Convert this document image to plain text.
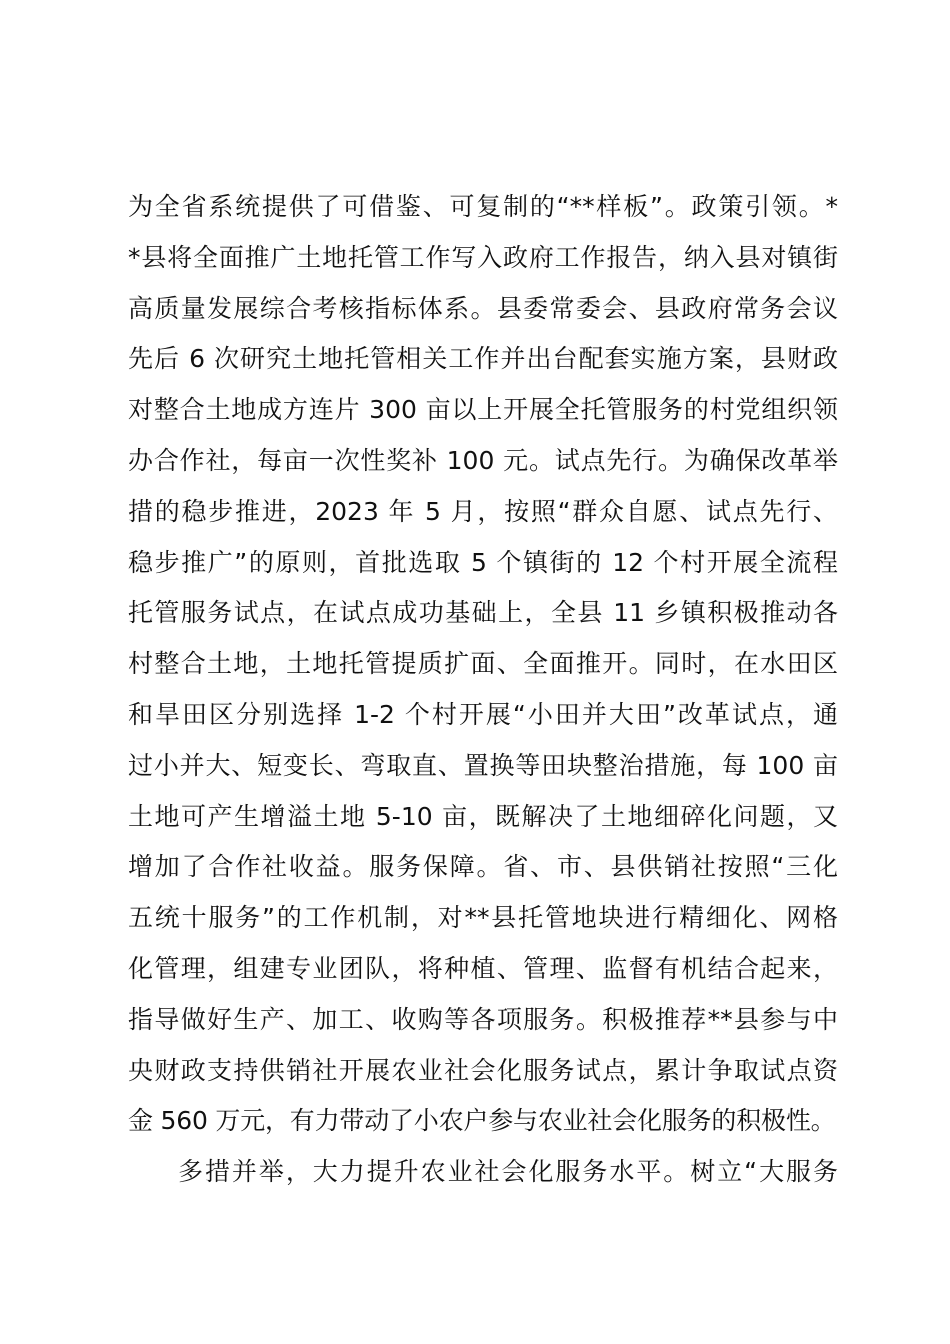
为全省系统提供了可借鉴、可复制的“**样板”。政策引领。*
*县将全面推广土地托管工作写入政府工作报告，纳入县对镇街
高质量发展综合考核指标体系。县委常委会、县政府常务会议
先后 6 次研究土地托管相关工作并出台配套实施方案，县财政
对整合土地成方连片 300 亩以上开展全托管服务的村党组织领
办合作社，每亩一次性奖补 100 元。试点先行。为确保改革举
措的稳步推进，2023 年 5 月，按照“群众自愿、试点先行、
稳步推广”的原则，首批选取 5 个镇街的 12 个村开展全流程
托管服务试点，在试点成功基础上，全县 11 乡镇积极推动各
村整合土地，土地托管提质扩面、全面推开。同时，在水田区
和旱田区分别选择 1-2 个村开展“小田并大田”改革试点，通
过小并大、短变长、弯取直、置换等田块整治措施，每 100 亩
土地可产生增溢土地 5-10 亩，既解决了土地细碎化问题，又
增加了合作社收益。服务保障。省、市、县供销社按照“三化
五统十服务”的工作机制，对**县托管地块进行精细化、网格
化管理，组建专业团队，将种植、管理、监督有机结合起来，
指导做好生产、加工、收购等各项服务。积极推荐**县参与中
央财政支持供销社开展农业社会化服务试点，累计争取试点资
金 560 万元，有力带动了小农户参与农业社会化服务的积极性。
多措并举，大力提升农业社会化服务水平。树立“大服务
